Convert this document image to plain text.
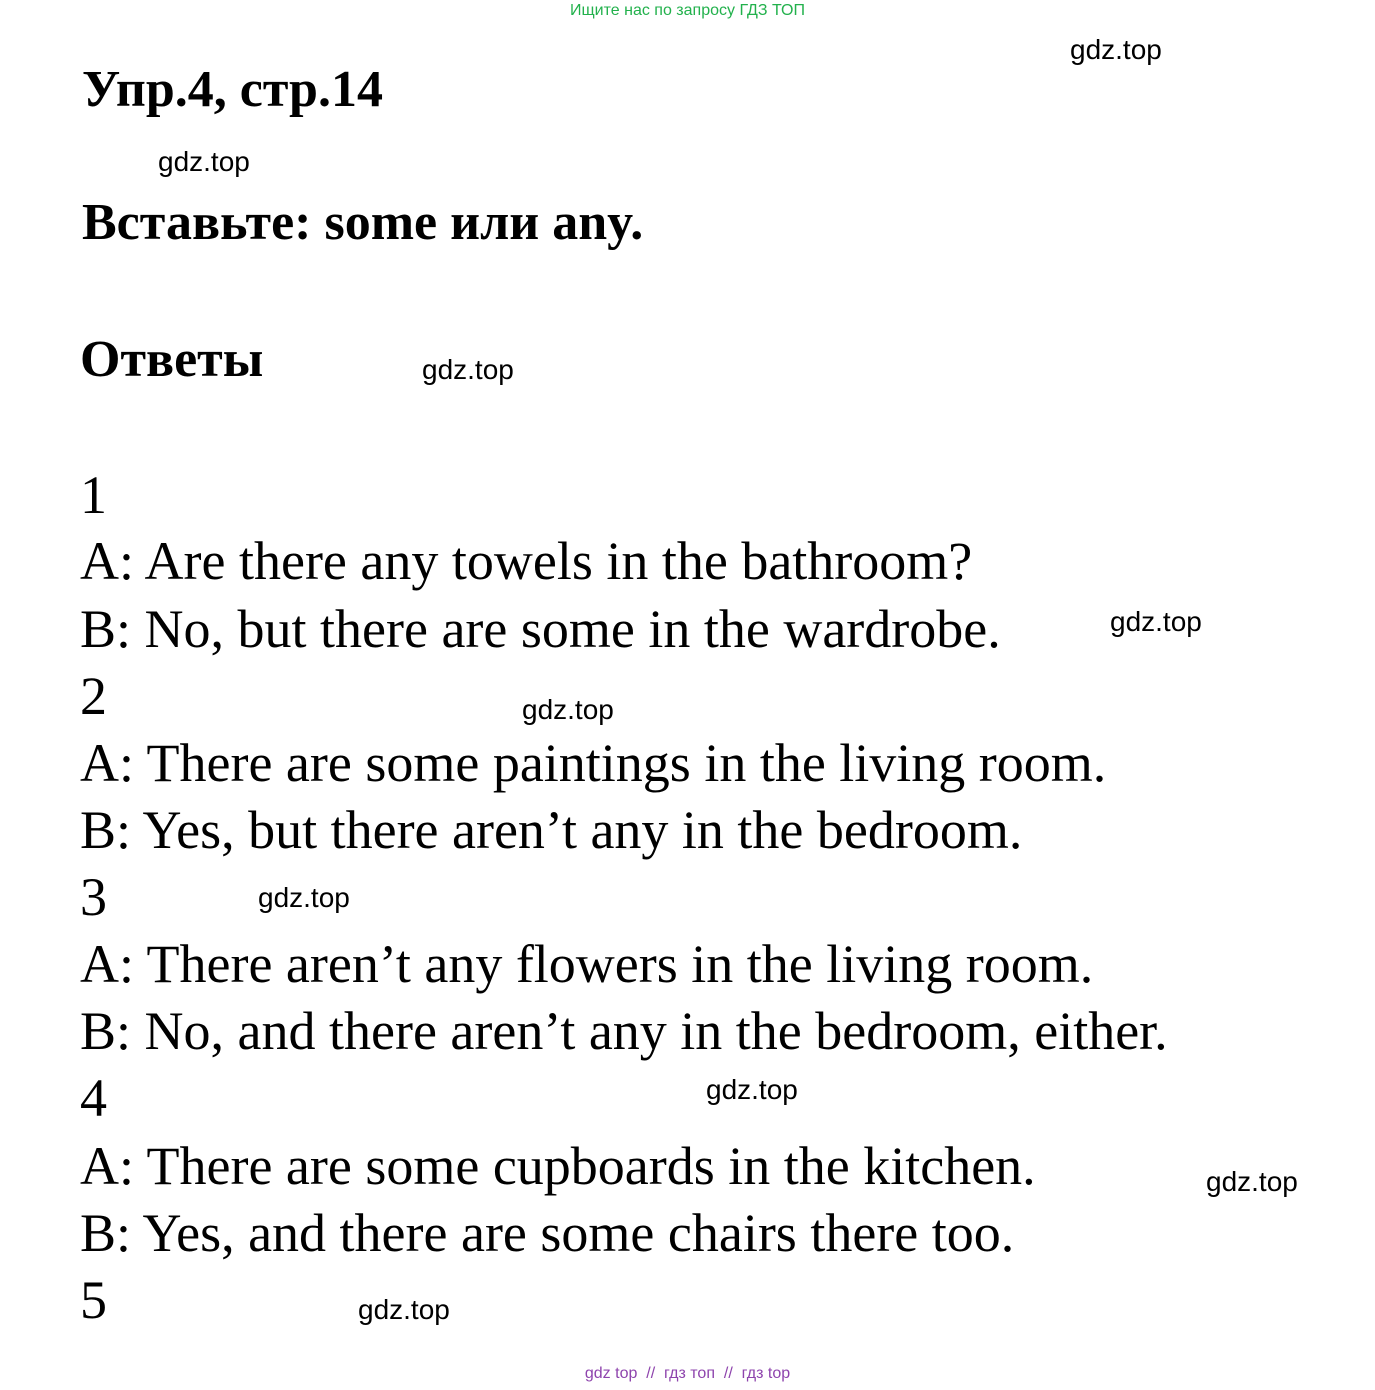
Ищите нас по запросу ГДЗ ТОП
Упр.4, стр.14
Вставьте: some или any.
Ответы
gdz.top
gdz.top
gdz.top
gdz.top
gdz.top
gdz.top
gdz.top
gdz.top
gdz.top
1
A: Are there any towels in the bathroom?
B: No, but there are some in the wardrobe.
2
A: There are some paintings in the living room.
B: Yes, but there aren’t any in the bedroom.
3
A: There aren’t any flowers in the living room.
B: No, and there aren’t any in the bedroom, either.
4
A: There are some cupboards in the kitchen.
B: Yes, and there are some chairs there too.
5
gdz top  //  гдз топ  //  гдз top
